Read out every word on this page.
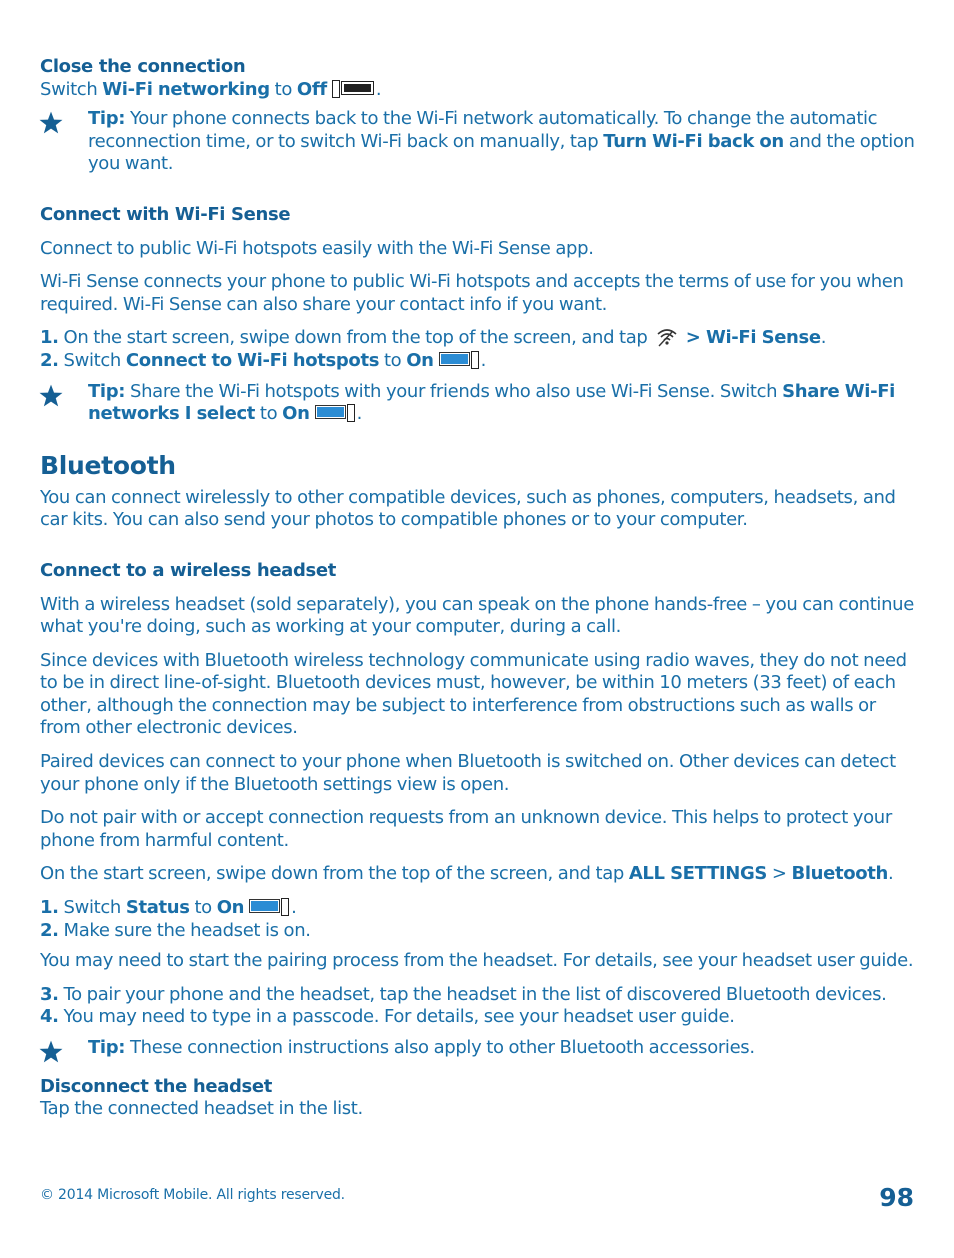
Close the connection

Switch Wi-Fi networking to Off	.

Tip: Your phone connects back to the Wi-Fi network automatically. To change the automatic reconnection time, or to switch Wi-Fi back on manually, tap Turn Wi-Fi back on and the option you want.

Connect with Wi-Fi Sense

Connect to public Wi-Fi hotspots easily with the Wi-Fi Sense app.

Wi-Fi Sense connects your phone to public Wi-Fi hotspots and accepts the terms of use for you when required. Wi-Fi Sense can also share your contact info if you want.

1. On the start screen, swipe down from the top of the screen, and tap  > Wi-Fi Sense.

2. Switch Connect to Wi-Fi hotspots to On	.

Tip: Share the Wi-Fi hotspots with your friends who also use Wi-Fi Sense. Switch Share Wi-Fi networks I select to On	.

Bluetooth

You can connect wirelessly to other compatible devices, such as phones, computers, headsets, and car kits. You can also send your photos to compatible phones or to your computer.

Connect to a wireless headset

With a wireless headset (sold separately), you can speak on the phone hands-free – you can continue what you're doing, such as working at your computer, during a call.

Since devices with Bluetooth wireless technology communicate using radio waves, they do not need to be in direct line-of-sight. Bluetooth devices must, however, be within 10 meters (33 feet) of each other, although the connection may be subject to interference from obstructions such as walls or from other electronic devices.

Paired devices can connect to your phone when Bluetooth is switched on. Other devices can detect your phone only if the Bluetooth settings view is open.

Do not pair with or accept connection requests from an unknown device. This helps to protect your phone from harmful content.

On the start screen, swipe down from the top of the screen, and tap ALL SETTINGS > Bluetooth.

1. Switch Status to On	.

2. Make sure the headset is on.

You may need to start the pairing process from the headset. For details, see your headset user guide.

3. To pair your phone and the headset, tap the headset in the list of discovered Bluetooth devices.

4. You may need to type in a passcode. For details, see your headset user guide.

Tip: These connection instructions also apply to other Bluetooth accessories.

Disconnect the headset

Tap the connected headset in the list.

© 2014 Microsoft Mobile. All rights reserved.	98
